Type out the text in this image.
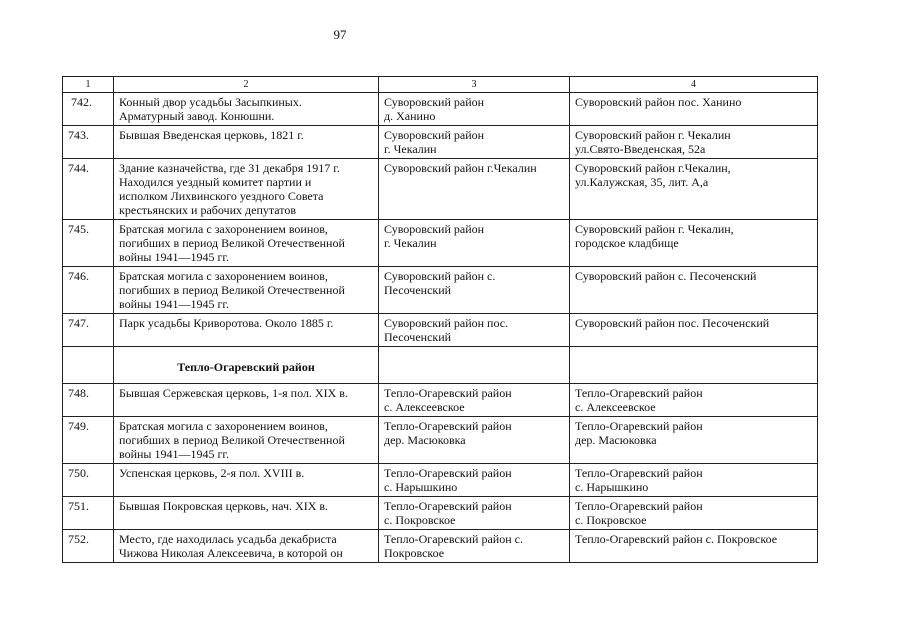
97
1	2	3	4
742.	Конный двор усадьбы Засыпкиных.
Арматурный завод. Конюшни.	Суворовский район
д. Ханино	Суворовский район пос. Ханино

743.	Бывшая Введенская церковь, 1821 г.	Суворовский район
г. Чекалин	Суворовский район г. Чекалин
ул.Свято-Введенская, 52а

744.	Здание казначейства, где 31 декабря 1917 г.
Находился уездный комитет партии и
исполком Лихвинского уездного Совета
крестьянских и рабочих депутатов	Суворовский район г.Чекалин	Суворовский район г.Чекалин,
ул.Калужская, 35, лит. А,а

745.	Братская могила с захоронением воинов,
погибших в период Великой Отечественной
войны 1941—1945 гг.	Суворовский район
г. Чекалин	Суворовский район г. Чекалин,
городское кладбище

746.	Братская могила с захоронением воинов,
погибших в период Великой Отечественной
войны 1941—1945 гг.	Суворовский район с.
Песоченский	Суворовский район с. Песоченский

747.	Парк усадьбы Криворотова. Около 1885 г.	Суворовский район пос.
Песоченский	Суворовский район пос. Песоченский

	Тепло-Огаревский район		
748.	Бывшая Сержевская церковь, 1-я пол. XIX в.	Тепло-Огаревский район
с. Алексеевское	Тепло-Огаревский район
с. Алексеевское

749.	Братская могила с захоронением воинов,
погибших в период Великой Отечественной
войны 1941—1945 гг.	Тепло-Огаревский район
дер. Масюковка	Тепло-Огаревский район
дер. Масюковка

750.	Успенская церковь, 2-я пол. XVIII в.	Тепло-Огаревский район
с. Нарышкино	Тепло-Огаревский район
с. Нарышкино

751.	Бывшая Покровская церковь, нач. XIX в.	Тепло-Огаревский район
с. Покровское	Тепло-Огаревский район
с. Покровское

752.	Место, где находилась усадьба декабриста
Чижова Николая Алексеевича, в которой он	Тепло-Огаревский район с.
Покровское	Тепло-Огаревский район с. Покровское
